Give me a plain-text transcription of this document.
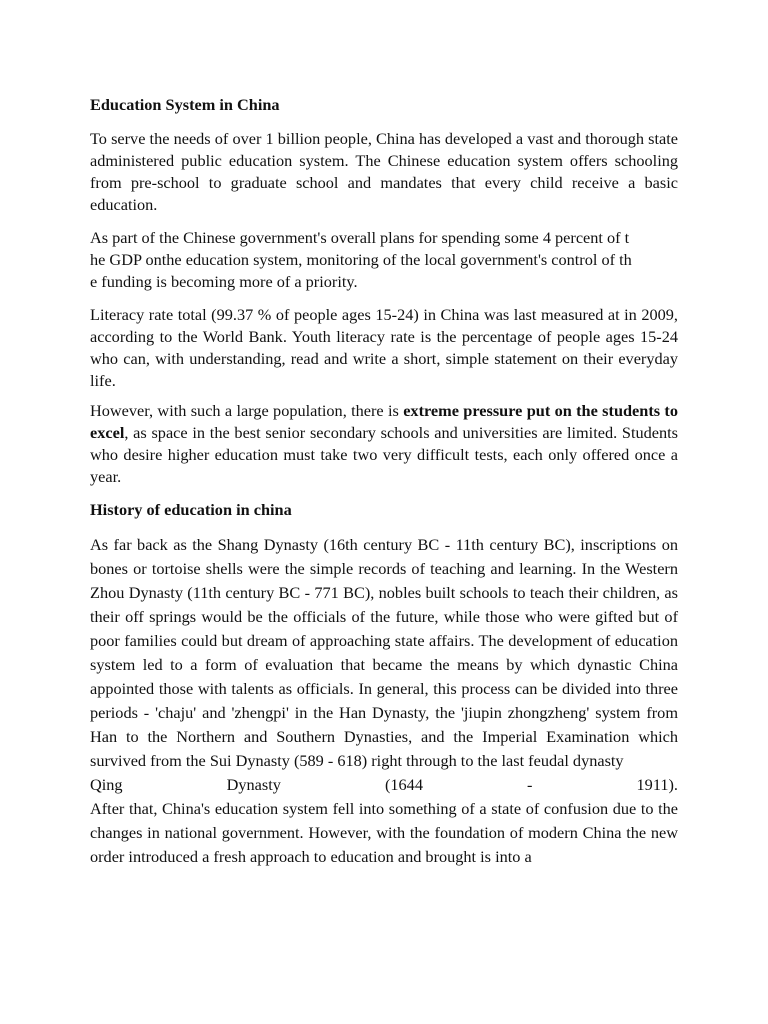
Education System in China

To serve the needs of over 1 billion people, China has developed a vast and thorough state administered public education system. The Chinese education system offers schooling from pre-school to graduate school and mandates that every child receive a basic education.

As part of the Chinese government's overall plans for spending some 4 percent of t
he GDP onthe education system, monitoring of the local government's control of th
e funding is becoming more of a priority.

Literacy rate total (99.37 % of people ages 15-24) in China was last measured at in 2009, according to the World Bank. Youth literacy rate is the percentage of people ages 15-24 who can, with understanding, read and write a short, simple statement on their everyday life.

However, with such a large population, there is extreme pressure put on the students to excel, as space in the best senior secondary schools and universities are limited. Students who desire higher education must take two very difficult tests, each only offered once a year.

History of education in china

As far back as the Shang Dynasty (16th century BC - 11th century BC), inscriptions on bones or tortoise shells were the simple records of teaching and learning. In the Western Zhou Dynasty (11th century BC - 771 BC), nobles built schools to teach their children, as their off springs would be the officials of the future, while those who were gifted but of poor families could but dream of approaching state affairs. The development of education system led to a form of evaluation that became the means by which dynastic China appointed those with talents as officials. In general, this process can be divided into three periods - 'chaju' and 'zhengpi' in the Han Dynasty, the 'jiupin zhongzheng' system from Han to the Northern and Southern Dynasties, and the Imperial Examination which survived from the Sui Dynasty (589 - 618) right through to the last feudal dynasty
Qing Dynasty (1644 - 1911).

After that, China's education system fell into something of a state of confusion due to the changes in national government. However, with the foundation of modern China the new order introduced a fresh approach to education and brought is into a
